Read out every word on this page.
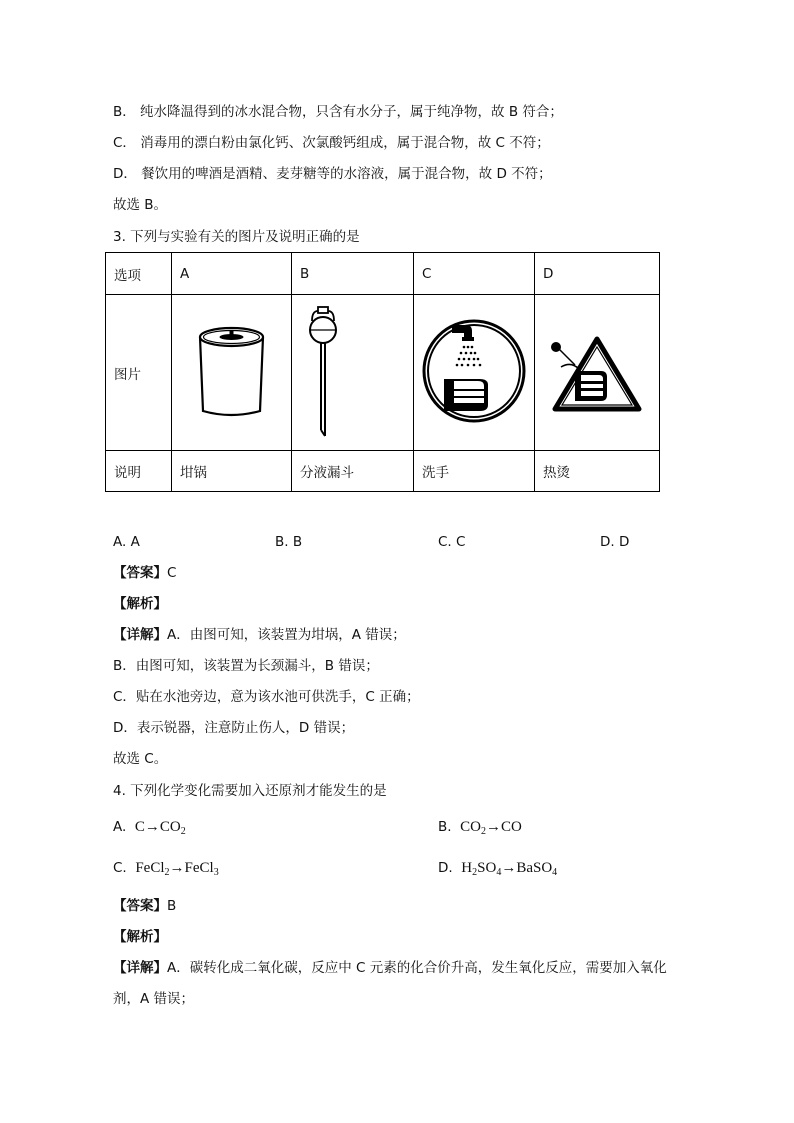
B． 纯水降温得到的冰水混合物，只含有水分子，属于纯净物，故 B 符合；
C． 消毒用的漂白粉由氯化钙、次氯酸钙组成，属于混合物，故 C 不符；
D． 餐饮用的啤酒是酒精、麦芽糖等的水溶液，属于混合物，故 D 不符；
故选 B。
3. 下列与实验有关的图片及说明正确的是
选项	A	B	C	D
图片	

说明	坩锅	分液漏斗	洗手	热烫
A. A	B. B	C. C	D. D
【答案】C
【解析】
【详解】A．由图可知，该装置为坩埚，A 错误；
B．由图可知，该装置为长颈漏斗，B 错误；
C．贴在水池旁边，意为该水池可供洗手，C 正确；
D．表示锐器，注意防止伤人，D 错误；
故选 C。
4. 下列化学变化需要加入还原剂才能发生的是
A. $C\to CO_2$	B. $CO_2\to CO$
C. FeCl$_2$→FeCl$_3$	D. $H_2SO_4\to BaSO_4$
【答案】B
【解析】
【详解】A．碳转化成二氧化碳，反应中 C 元素的化合价升高，发生氧化反应，需要加入氧化
剂，A 错误；
